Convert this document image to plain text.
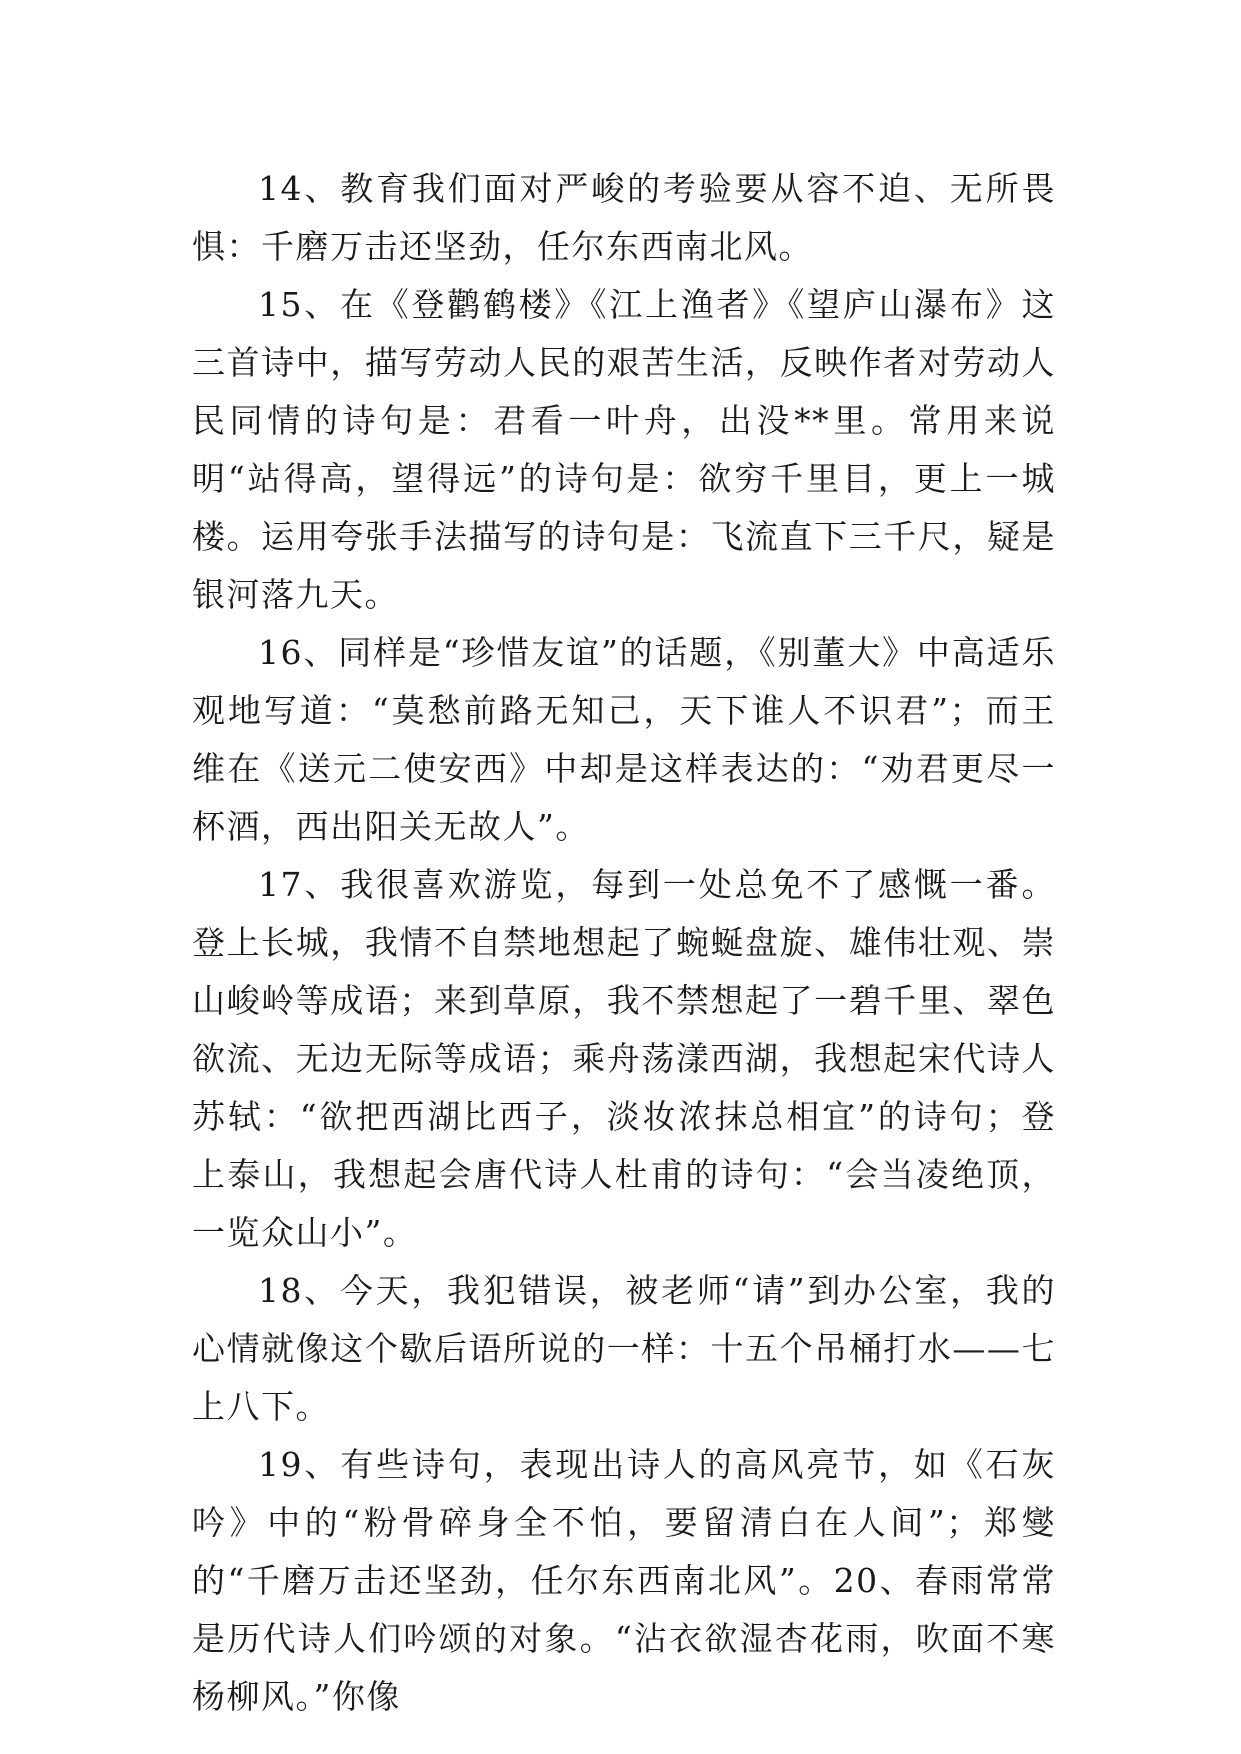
14、教育我们面对严峻的考验要从容不迫、无所畏惧：千磨万击还坚劲，任尔东西南北风。

15、在《登鹳鹤楼》《江上渔者》《望庐山瀑布》这三首诗中，描写劳动人民的艰苦生活，反映作者对劳动人民同情的诗句是：君看一叶舟，出没**里。常用来说明“站得高，望得远”的诗句是：欲穷千里目，更上一城楼。运用夸张手法描写的诗句是：飞流直下三千尺，疑是银河落九天。

16、同样是“珍惜友谊”的话题，《别董大》中高适乐观地写道：“莫愁前路无知己，天下谁人不识君”；而王维在《送元二使安西》中却是这样表达的：“劝君更尽一杯酒，西出阳关无故人”。

17、我很喜欢游览，每到一处总免不了感慨一番。登上长城，我情不自禁地想起了蜿蜒盘旋、雄伟壮观、崇山峻岭等成语；来到草原，我不禁想起了一碧千里、翠色欲流、无边无际等成语；乘舟荡漾西湖，我想起宋代诗人苏轼：“欲把西湖比西子，淡妆浓抹总相宜”的诗句；登上泰山，我想起会唐代诗人杜甫的诗句：“会当凌绝顶，一览众山小”。

18、今天，我犯错误，被老师“请”到办公室，我的心情就像这个歇后语所说的一样：十五个吊桶打水——七上八下。

19、有些诗句，表现出诗人的高风亮节，如《石灰吟》中的“粉骨碎身全不怕，要留清白在人间”；郑燮的“千磨万击还坚劲，任尔东西南北风”。20、春雨常常是历代诗人们吟颂的对象。“沾衣欲湿杏花雨，吹面不寒杨柳风。”你像
